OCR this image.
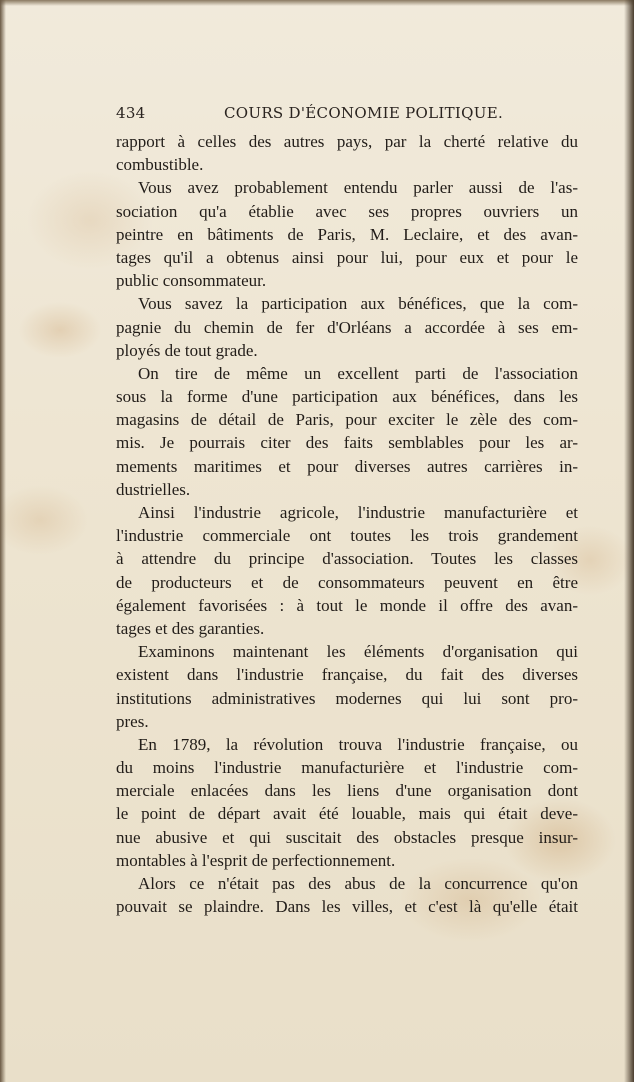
434	COURS D'ÉCONOMIE POLITIQUE.
rapport à celles des autres pays, par la cherté relative du
combustible.
Vous avez probablement entendu parler aussi de l'as-
sociation qu'a établie avec ses propres ouvriers un
peintre en bâtiments de Paris, M. Leclaire, et des avan-
tages qu'il a obtenus ainsi pour lui, pour eux et pour le
public consommateur.
Vous savez la participation aux bénéfices, que la com-
pagnie du chemin de fer d'Orléans a accordée à ses em-
ployés de tout grade.
On tire de même un excellent parti de l'association
sous la forme d'une participation aux bénéfices, dans les
magasins de détail de Paris, pour exciter le zèle des com-
mis. Je pourrais citer des faits semblables pour les ar-
mements maritimes et pour diverses autres carrières in-
dustrielles.
Ainsi l'industrie agricole, l'industrie manufacturière et
l'industrie commerciale ont toutes les trois grandement
à attendre du principe d'association. Toutes les classes
de producteurs et de consommateurs peuvent en être
également favorisées : à tout le monde il offre des avan-
tages et des garanties.
Examinons maintenant les éléments d'organisation qui
existent dans l'industrie française, du fait des diverses
institutions administratives modernes qui lui sont pro-
pres.
En 1789, la révolution trouva l'industrie française, ou
du moins l'industrie manufacturière et l'industrie com-
merciale enlacées dans les liens d'une organisation dont
le point de départ avait été louable, mais qui était deve-
nue abusive et qui suscitait des obstacles presque insur-
montables à l'esprit de perfectionnement.
Alors ce n'était pas des abus de la concurrence qu'on
pouvait se plaindre. Dans les villes, et c'est là qu'elle était
